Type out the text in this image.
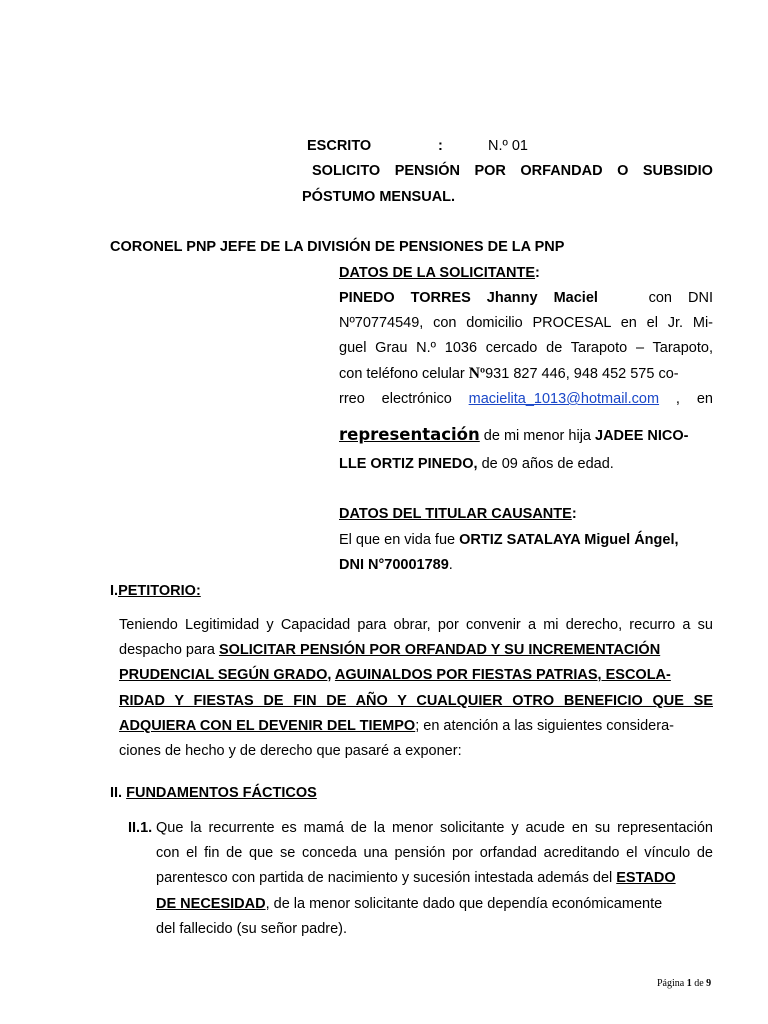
ESCRITO	:	N.º 01
SOLICITO PENSIÓN POR ORFANDAD O SUBSIDIO
PÓSTUMO MENSUAL.
CORONEL PNP JEFE DE LA DIVISIÓN DE PENSIONES DE LA PNP
DATOS DE LA SOLICITANTE:
PINEDO TORRES Jhanny Maciel	con DNI
Nº70774549, con domicilio PROCESAL en el Jr. Mi-
guel Grau N.º 1036 cercado de Tarapoto – Tarapoto,
con teléfono celular Nº931 827 446, 948 452 575 co-
rreo electrónico macielita_1013@hotmail.com , en
representación de mi menor hija JADEE NICO-
LLE ORTIZ PINEDO, de 09 años de edad.
DATOS DEL TITULAR CAUSANTE:
El que en vida fue ORTIZ SATALAYA Miguel Ángel,
DNI N°70001789.
I.PETITORIO:
Teniendo Legitimidad y Capacidad para obrar, por convenir a mi derecho, recurro a su
despacho para SOLICITAR PENSIÓN POR ORFANDAD Y SU INCREMENTACIÓN
PRUDENCIAL SEGÚN GRADO, AGUINALDOS POR FIESTAS PATRIAS, ESCOLA-
RIDAD Y FIESTAS DE FIN DE AÑO Y CUALQUIER OTRO BENEFICIO QUE SE
ADQUIERA CON EL DEVENIR DEL TIEMPO; en atención a las siguientes considera-
ciones de hecho y de derecho que pasaré a exponer:
II. FUNDAMENTOS FÁCTICOS
II.1. Que la recurrente es mamá de la menor solicitante y acude en su representación
con el fin de que se conceda una pensión por orfandad acreditando el vínculo de
parentesco con partida de nacimiento y sucesión intestada además del ESTADO
DE NECESIDAD, de la menor solicitante dado que dependía económicamente
del fallecido (su señor padre).
Página 1 de 9
